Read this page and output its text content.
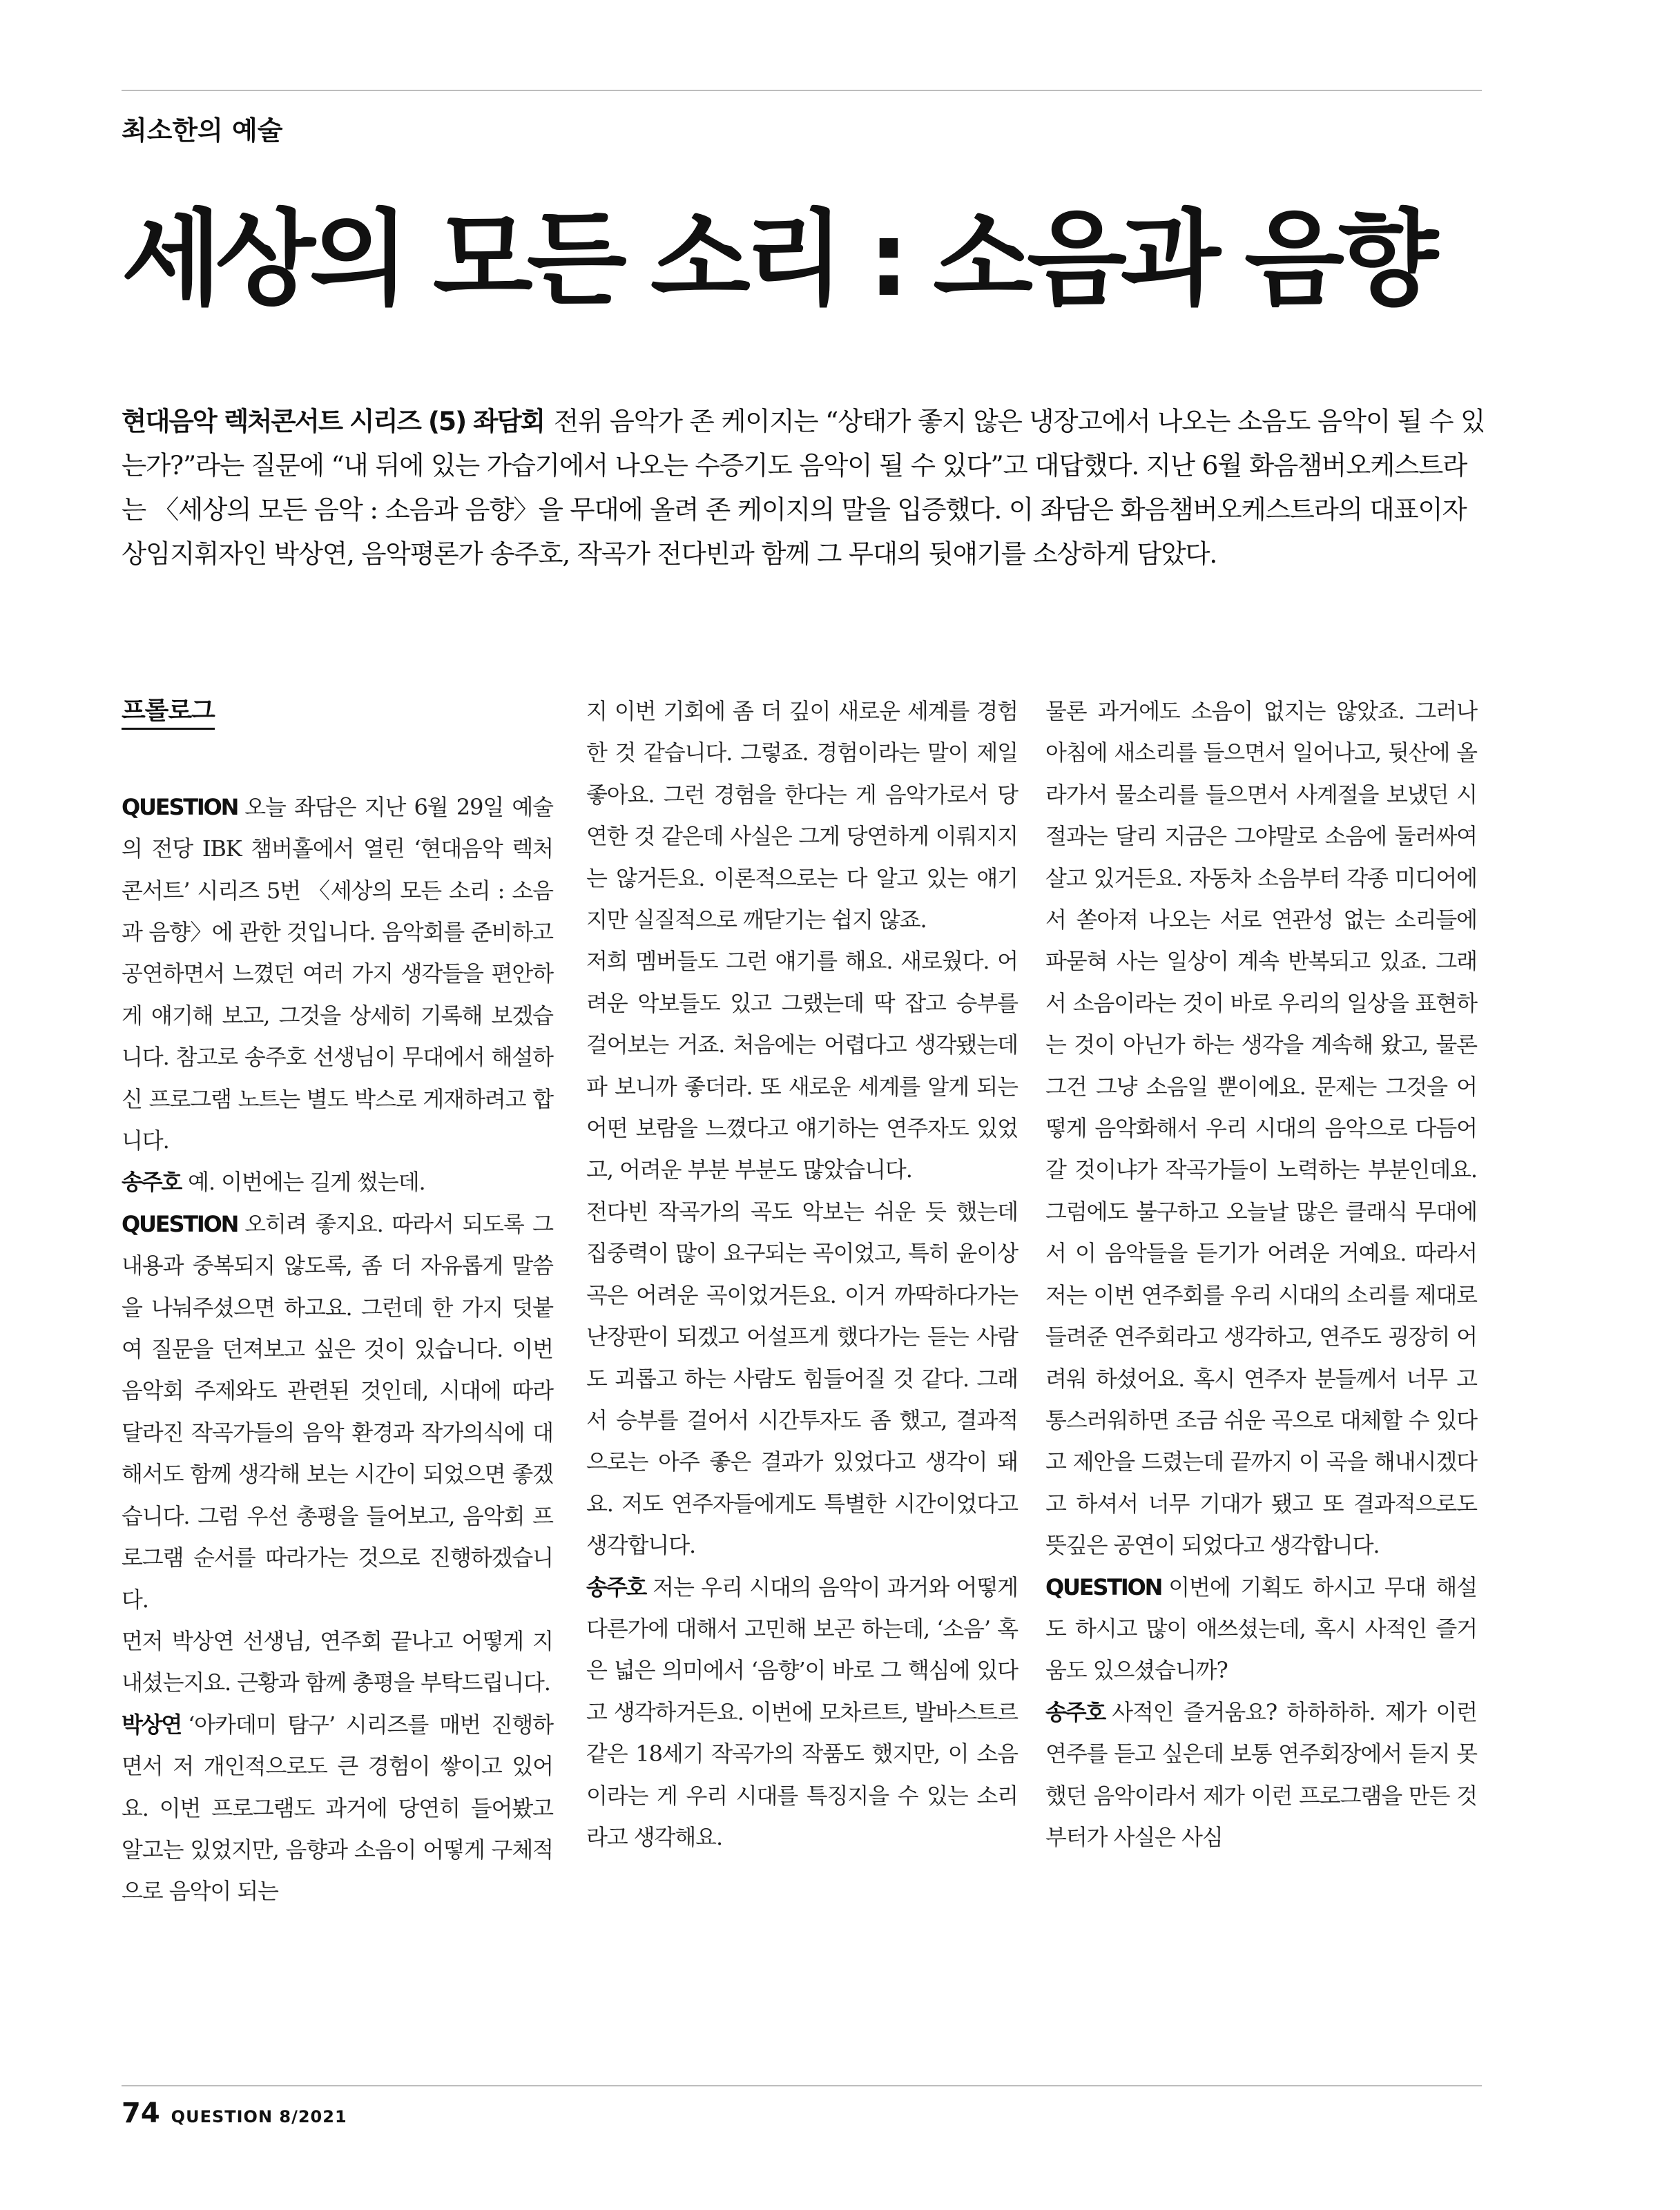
최소한의 예술
세상의 모든 소리 : 소음과 음향
현대음악 렉처콘서트 시리즈 (5) 좌담회 전위 음악가 존 케이지는 “상태가 좋지 않은 냉장고에서 나오는 소음도 음악이 될 수 있는가?”라는 질문에 “내 뒤에 있는 가습기에서 나오는 수증기도 음악이 될 수 있다”고 대답했다. 지난 6월 화음챔버오케스트라는 〈세상의 모든 음악 : 소음과 음향〉을 무대에 올려 존 케이지의 말을 입증했다. 이 좌담은 화음챔버오케스트라의 대표이자 상임지휘자인 박상연, 음악평론가 송주호, 작곡가 전다빈과 함께 그 무대의 뒷얘기를 소상하게 담았다.
프롤로그

QUESTION 오늘 좌담은 지난 6월 29일 예술의 전당 IBK 챔버홀에서 열린 ‘현대음악 렉처콘서트’ 시리즈 5번 〈세상의 모든 소리 : 소음과 음향〉에 관한 것입니다. 음악회를 준비하고 공연하면서 느꼈던 여러 가지 생각들을 편안하게 얘기해 보고, 그것을 상세히 기록해 보겠습니다. 참고로 송주호 선생님이 무대에서 해설하신 프로그램 노트는 별도 박스로 게재하려고 합니다.

송주호 예. 이번에는 길게 썼는데.

QUESTION 오히려 좋지요. 따라서 되도록 그 내용과 중복되지 않도록, 좀 더 자유롭게 말씀을 나눠주셨으면 하고요. 그런데 한 가지 덧붙여 질문을 던져보고 싶은 것이 있습니다. 이번 음악회 주제와도 관련된 것인데, 시대에 따라 달라진 작곡가들의 음악 환경과 작가의식에 대해서도 함께 생각해 보는 시간이 되었으면 좋겠습니다. 그럼 우선 총평을 들어보고, 음악회 프로그램 순서를 따라가는 것으로 진행하겠습니다.

먼저 박상연 선생님, 연주회 끝나고 어떻게 지내셨는지요. 근황과 함께 총평을 부탁드립니다.

박상연 ‘아카데미 탐구’ 시리즈를 매번 진행하면서 저 개인적으로도 큰 경험이 쌓이고 있어요. 이번 프로그램도 과거에 당연히 들어봤고 알고는 있었지만, 음향과 소음이 어떻게 구체적으로 음악이 되는

지 이번 기회에 좀 더 깊이 새로운 세계를 경험한 것 같습니다. 그렇죠. 경험이라는 말이 제일 좋아요. 그런 경험을 한다는 게 음악가로서 당연한 것 같은데 사실은 그게 당연하게 이뤄지지는 않거든요. 이론적으로는 다 알고 있는 얘기지만 실질적으로 깨닫기는 쉽지 않죠.

저희 멤버들도 그런 얘기를 해요. 새로웠다. 어려운 악보들도 있고 그랬는데 딱 잡고 승부를 걸어보는 거죠. 처음에는 어렵다고 생각됐는데 파 보니까 좋더라. 또 새로운 세계를 알게 되는 어떤 보람을 느꼈다고 얘기하는 연주자도 있었고, 어려운 부분 부분도 많았습니다.

전다빈 작곡가의 곡도 악보는 쉬운 듯 했는데 집중력이 많이 요구되는 곡이었고, 특히 윤이상 곡은 어려운 곡이었거든요. 이거 까딱하다가는 난장판이 되겠고 어설프게 했다가는 듣는 사람도 괴롭고 하는 사람도 힘들어질 것 같다. 그래서 승부를 걸어서 시간투자도 좀 했고, 결과적으로는 아주 좋은 결과가 있었다고 생각이 돼요. 저도 연주자들에게도 특별한 시간이었다고 생각합니다.

송주호 저는 우리 시대의 음악이 과거와 어떻게 다른가에 대해서 고민해 보곤 하는데, ‘소음’ 혹은 넓은 의미에서 ‘음향’이 바로 그 핵심에 있다고 생각하거든요. 이번에 모차르트, 발바스트르 같은 18세기 작곡가의 작품도 했지만, 이 소음이라는 게 우리 시대를 특징지을 수 있는 소리라고 생각해요.

물론 과거에도 소음이 없지는 않았죠. 그러나 아침에 새소리를 들으면서 일어나고, 뒷산에 올라가서 물소리를 들으면서 사계절을 보냈던 시절과는 달리 지금은 그야말로 소음에 둘러싸여 살고 있거든요. 자동차 소음부터 각종 미디어에서 쏟아져 나오는 서로 연관성 없는 소리들에 파묻혀 사는 일상이 계속 반복되고 있죠. 그래서 소음이라는 것이 바로 우리의 일상을 표현하는 것이 아닌가 하는 생각을 계속해 왔고, 물론 그건 그냥 소음일 뿐이에요. 문제는 그것을 어떻게 음악화해서 우리 시대의 음악으로 다듬어 갈 것이냐가 작곡가들이 노력하는 부분인데요. 그럼에도 불구하고 오늘날 많은 클래식 무대에서 이 음악들을 듣기가 어려운 거예요. 따라서 저는 이번 연주회를 우리 시대의 소리를 제대로 들려준 연주회라고 생각하고, 연주도 굉장히 어려워 하셨어요. 혹시 연주자 분들께서 너무 고통스러워하면 조금 쉬운 곡으로 대체할 수 있다고 제안을 드렸는데 끝까지 이 곡을 해내시겠다고 하셔서 너무 기대가 됐고 또 결과적으로도 뜻깊은 공연이 되었다고 생각합니다.

QUESTION 이번에 기획도 하시고 무대 해설도 하시고 많이 애쓰셨는데, 혹시 사적인 즐거움도 있으셨습니까?

송주호 사적인 즐거움요? 하하하하. 제가 이런 연주를 듣고 싶은데 보통 연주회장에서 듣지 못했던 음악이라서 제가 이런 프로그램을 만든 것부터가 사실은 사심

74 QUESTION 8/2021
